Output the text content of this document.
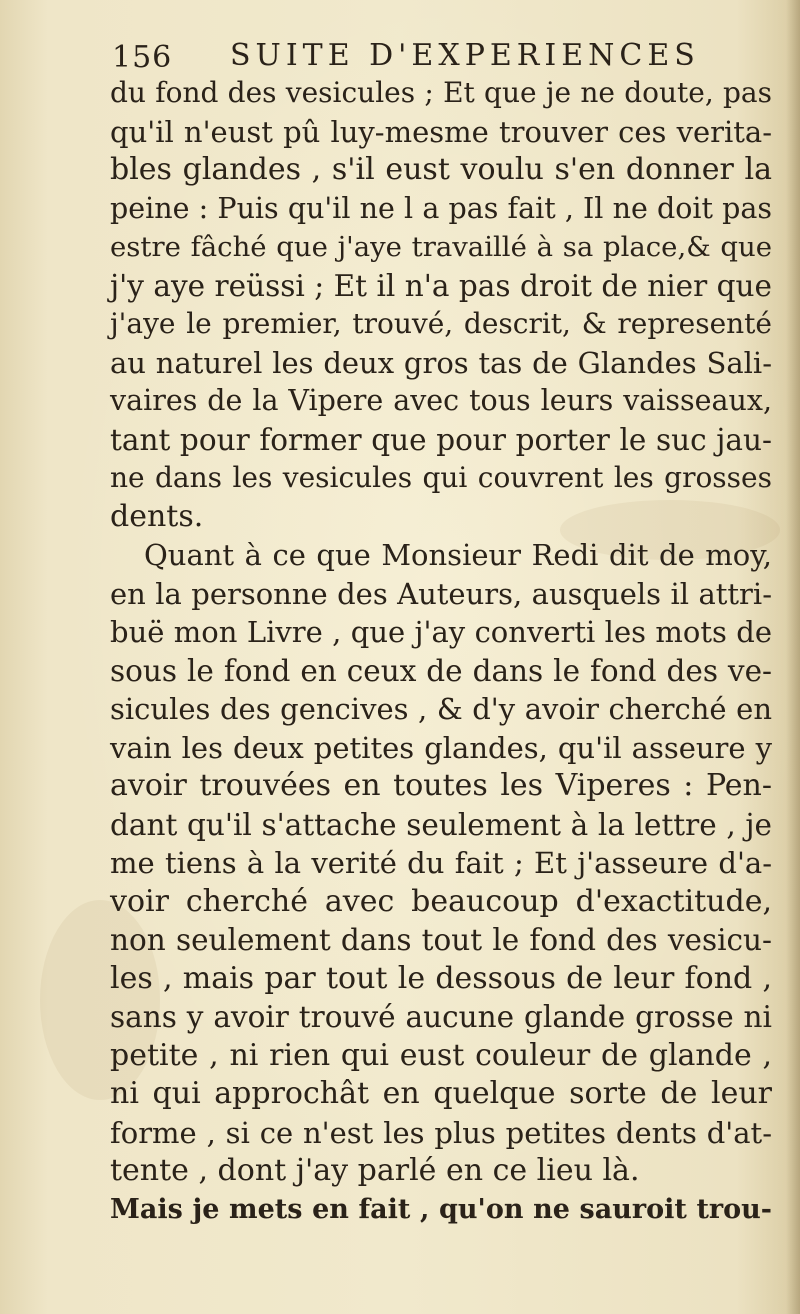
156 SUITE D'EXPERIENCES
du fond des vesicules ; Et que je ne doute, pas
qu'il n'eust pû luy-mesme trouver ces verita-
bles glandes , s'il eust voulu s'en donner la
peine : Puis qu'il ne l a pas fait , Il ne doit pas
estre fâché que j'aye travaillé à sa place,& que
j'y aye reüssi ; Et il n'a pas droit de nier que
j'aye le premier, trouvé, descrit, & representé
au naturel les deux gros tas de Glandes Sali-
vaires de la Vipere avec tous leurs vaisseaux,
tant pour former que pour porter le suc jau-
ne dans les vesicules qui couvrent les grosses
dents.
Quant à ce que Monsieur Redi dit de moy,
en la personne des Auteurs, ausquels il attri-
buë mon Livre , que j'ay converti les mots de
sous le fond en ceux de dans le fond des ve-
sicules des gencives , & d'y avoir cherché en
vain les deux petites glandes, qu'il asseure y
avoir trouvées en toutes les Viperes : Pen-
dant qu'il s'attache seulement à la lettre , je
me tiens à la verité du fait ; Et j'asseure d'a-
voir cherché avec beaucoup d'exactitude,
non seulement dans tout le fond des vesicu-
les , mais par tout le dessous de leur fond ,
sans y avoir trouvé aucune glande grosse ni
petite , ni rien qui eust couleur de glande ,
ni qui approchât en quelque sorte de leur
forme , si ce n'est les plus petites dents d'at-
tente , dont j'ay parlé en ce lieu là.
Mais je mets en fait , qu'on ne sauroit trou-
